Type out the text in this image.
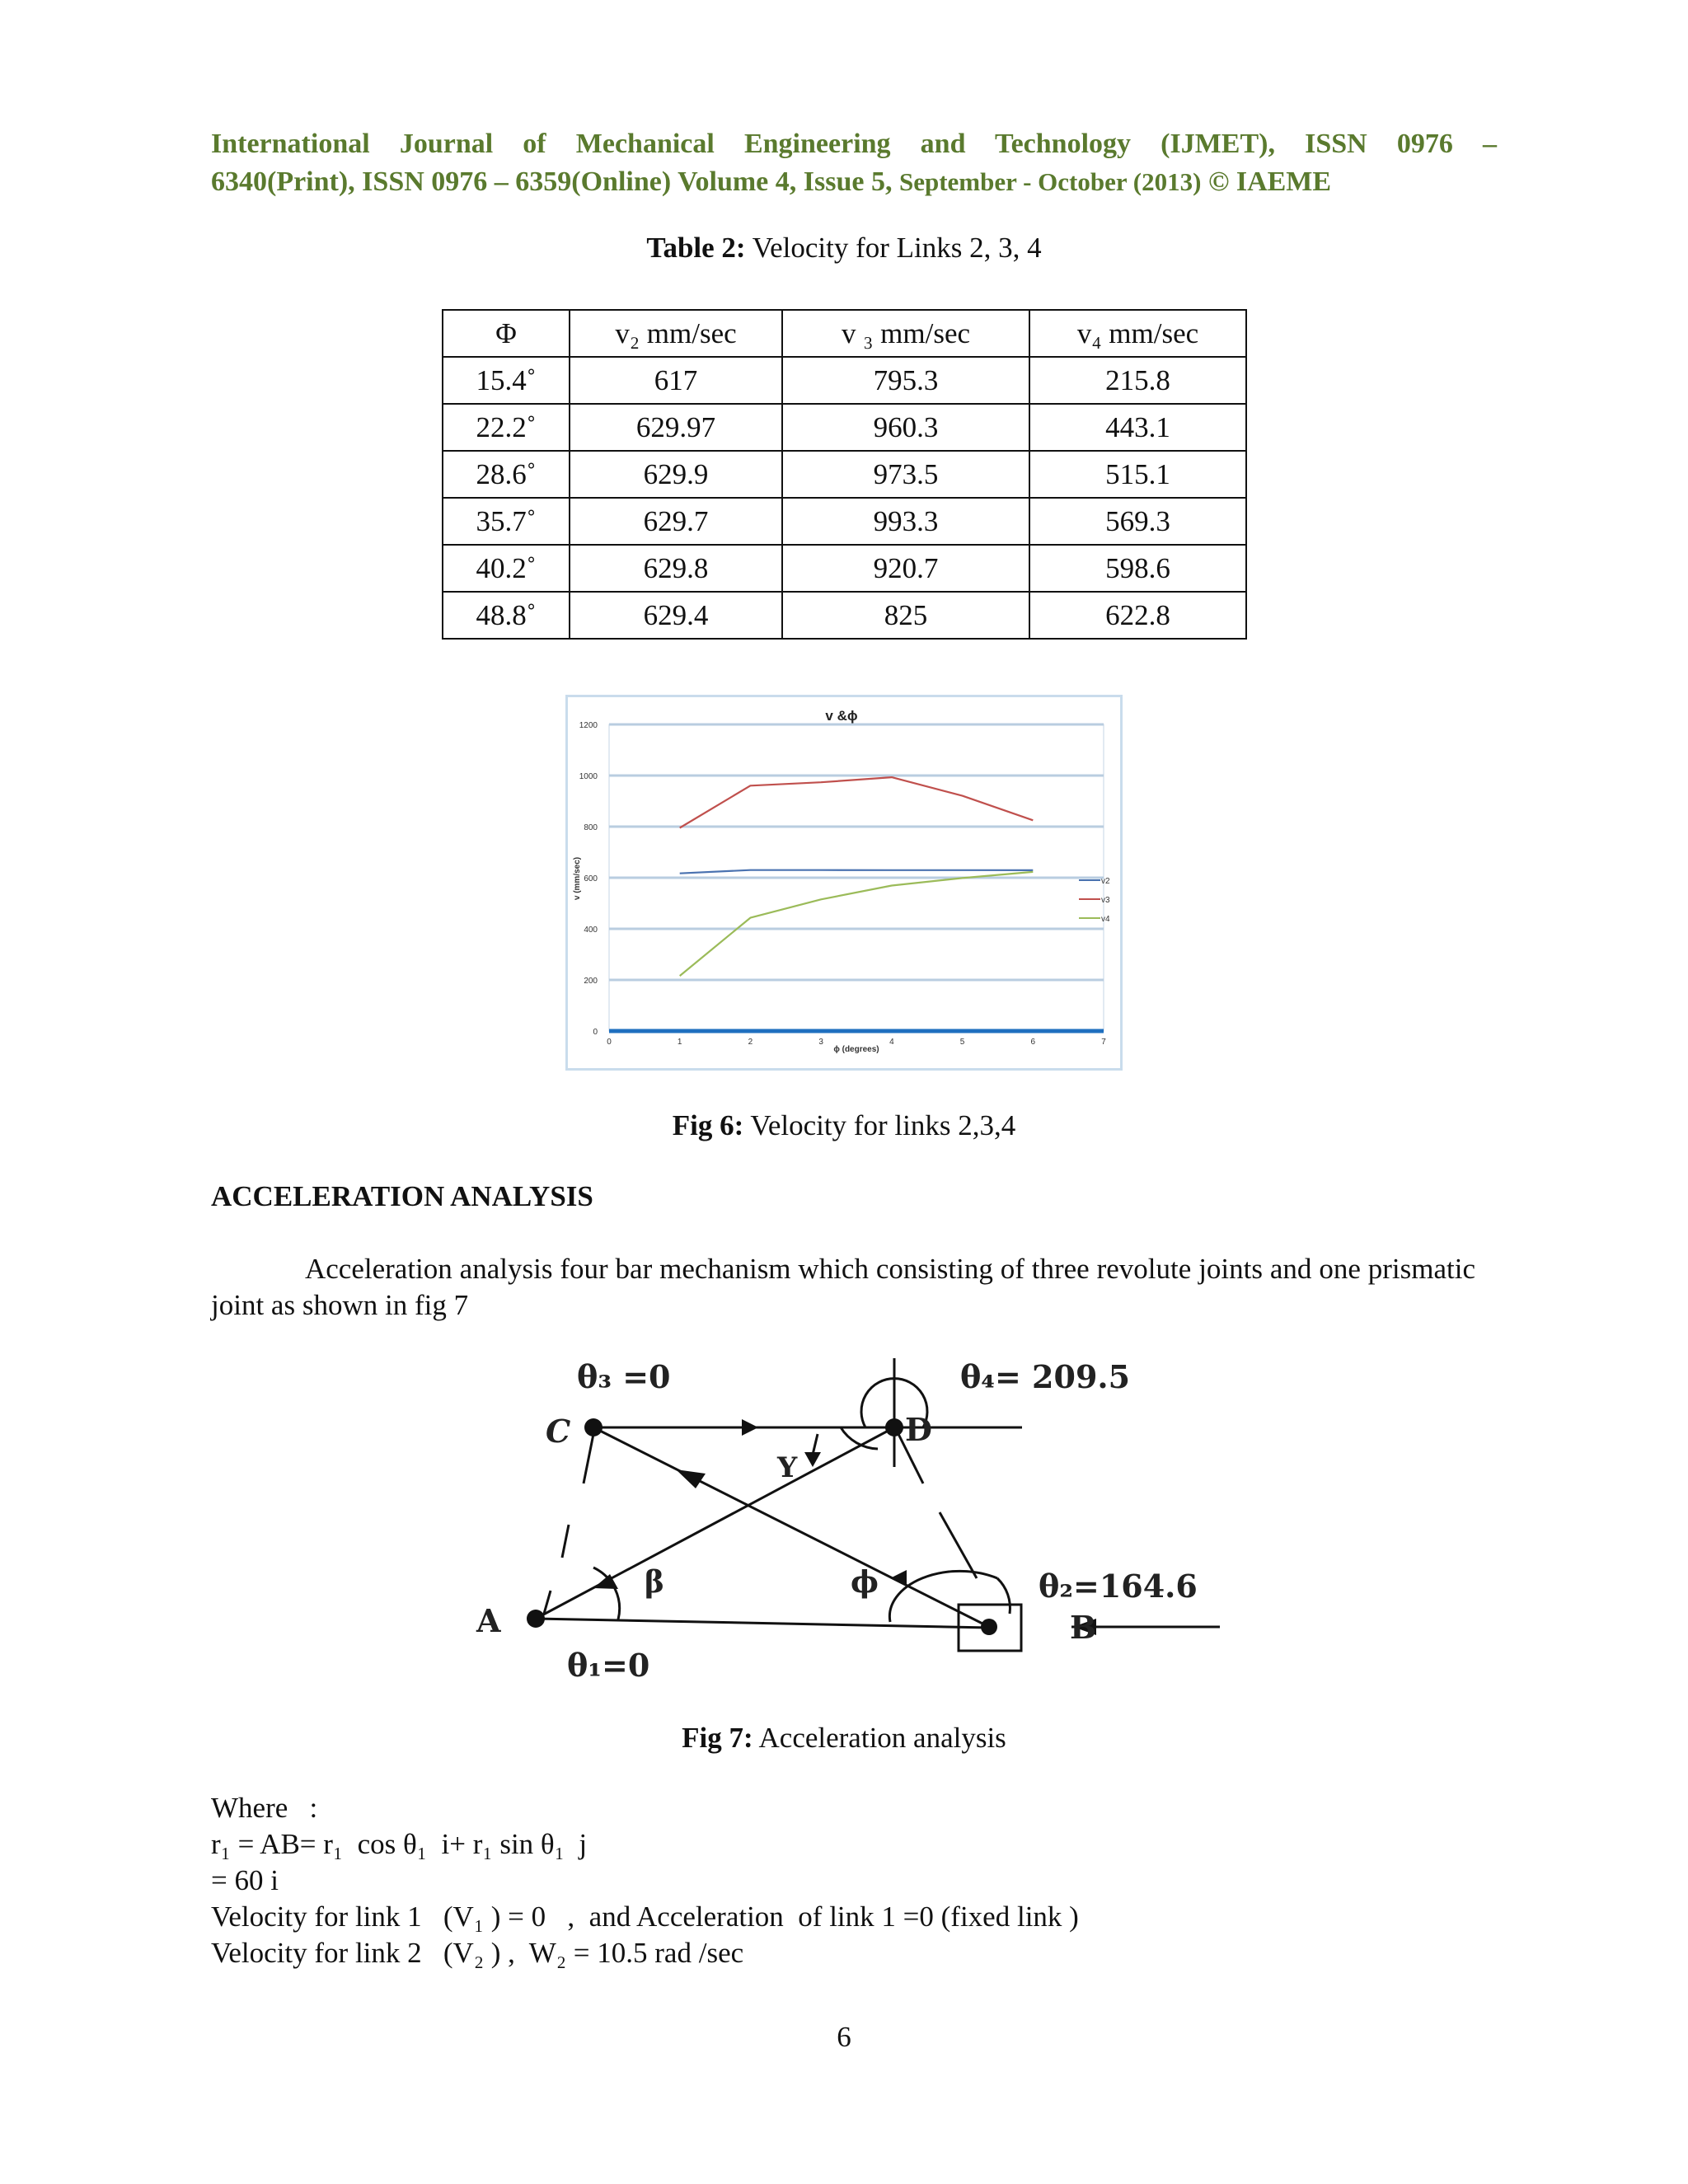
International Journal of Mechanical Engineering and Technology (IJMET), ISSN 0976 –
6340(Print), ISSN 0976 – 6359(Online) Volume 4, Issue 5, September - October (2013) © IAEME
Table 2: Velocity for Links 2, 3, 4
Φ	v₂ mm/sec	v ₃ mm/sec	v₄ mm/sec
15.4˚	617	795.3	215.8
22.2˚	629.97	960.3	443.1
28.6˚	629.9	973.5	515.1
35.7˚	629.7	993.3	569.3
40.2˚	629.8	920.7	598.6
48.8˚	629.4	825	622.8
0
200
400
600
800
1000
1200
0	1	2	3	4	5	6	7
v2
v3
v4
v &ϕ
ϕ (degrees)
v (mm/sec)
Fig 6: Velocity for links 2,3,4
ACCELERATION ANALYSIS
Acceleration analysis four bar mechanism which consisting of three revolute joints and one prismatic joint as shown in fig 7
θ₃ =0	θ₄= 209.5
θ₂=164.6
θ₁=0
C	D
A	B
Y
β	ϕ
Fig 7: Acceleration analysis
Where   :
r₁ = AB= r₁  cos θ₁  i+ r₁ sin θ₁  j
= 60 i
Velocity for link 1   (V₁ ) = 0   ,  and Acceleration  of link 1 =0 (fixed link )
Velocity for link 2   (V₂ ) ,  W₂ = 10.5 rad /sec
6
